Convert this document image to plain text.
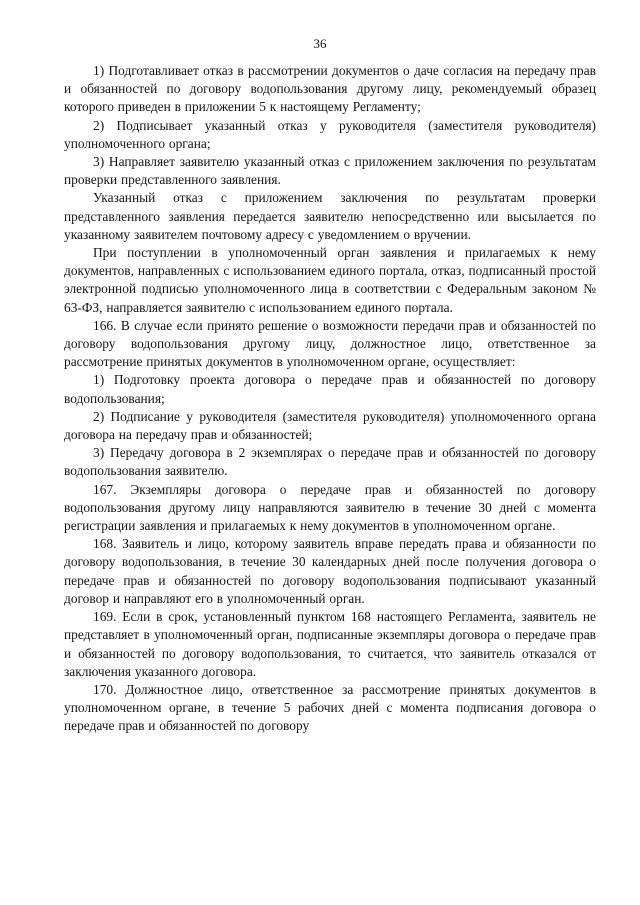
36

1) Подготавливает отказ в рассмотрении документов о даче согласия на передачу прав и обязанностей по договору водопользования другому лицу, рекомендуемый образец которого приведен в приложении 5 к настоящему Регламенту;

2) Подписывает указанный отказ у руководителя (заместителя руководителя) уполномоченного органа;

3) Направляет заявителю указанный отказ с приложением заключения по результатам проверки представленного заявления.

Указанный отказ с приложением заключения по результатам проверки представленного заявления передается заявителю непосредственно или высылается по указанному заявителем почтовому адресу с уведомлением о вручении.

При поступлении в уполномоченный орган заявления и прилагаемых к нему документов, направленных с использованием единого портала, отказ, подписанный простой электронной подписью уполномоченного лица в соответствии с Федеральным законом № 63-ФЗ, направляется заявителю с использованием единого портала.

166. В случае если принято решение о возможности передачи прав и обязанностей по договору водопользования другому лицу, должностное лицо, ответственное за рассмотрение принятых документов в уполномоченном органе, осуществляет:

1) Подготовку проекта договора о передаче прав и обязанностей по договору водопользования;

2) Подписание у руководителя (заместителя руководителя) уполномоченного органа договора на передачу прав и обязанностей;

3) Передачу договора в 2 экземплярах о передаче прав и обязанностей по договору водопользования заявителю.

167. Экземпляры договора о передаче прав и обязанностей по договору водопользования другому лицу направляются заявителю в течение 30 дней с момента регистрации заявления и прилагаемых к нему документов в уполномоченном органе.

168. Заявитель и лицо, которому заявитель вправе передать права и обязанности по договору водопользования, в течение 30 календарных дней после получения договора о передаче прав и обязанностей по договору водопользования подписывают указанный договор и направляют его в уполномоченный орган.

169. Если в срок, установленный пунктом 168 настоящего Регламента, заявитель не представляет в уполномоченный орган, подписанные экземпляры договора о передаче прав и обязанностей по договору водопользования, то считается, что заявитель отказался от заключения указанного договора.

170. Должностное лицо, ответственное за рассмотрение принятых документов в уполномоченном органе, в течение 5 рабочих дней с момента подписания договора о передаче прав и обязанностей по договору
